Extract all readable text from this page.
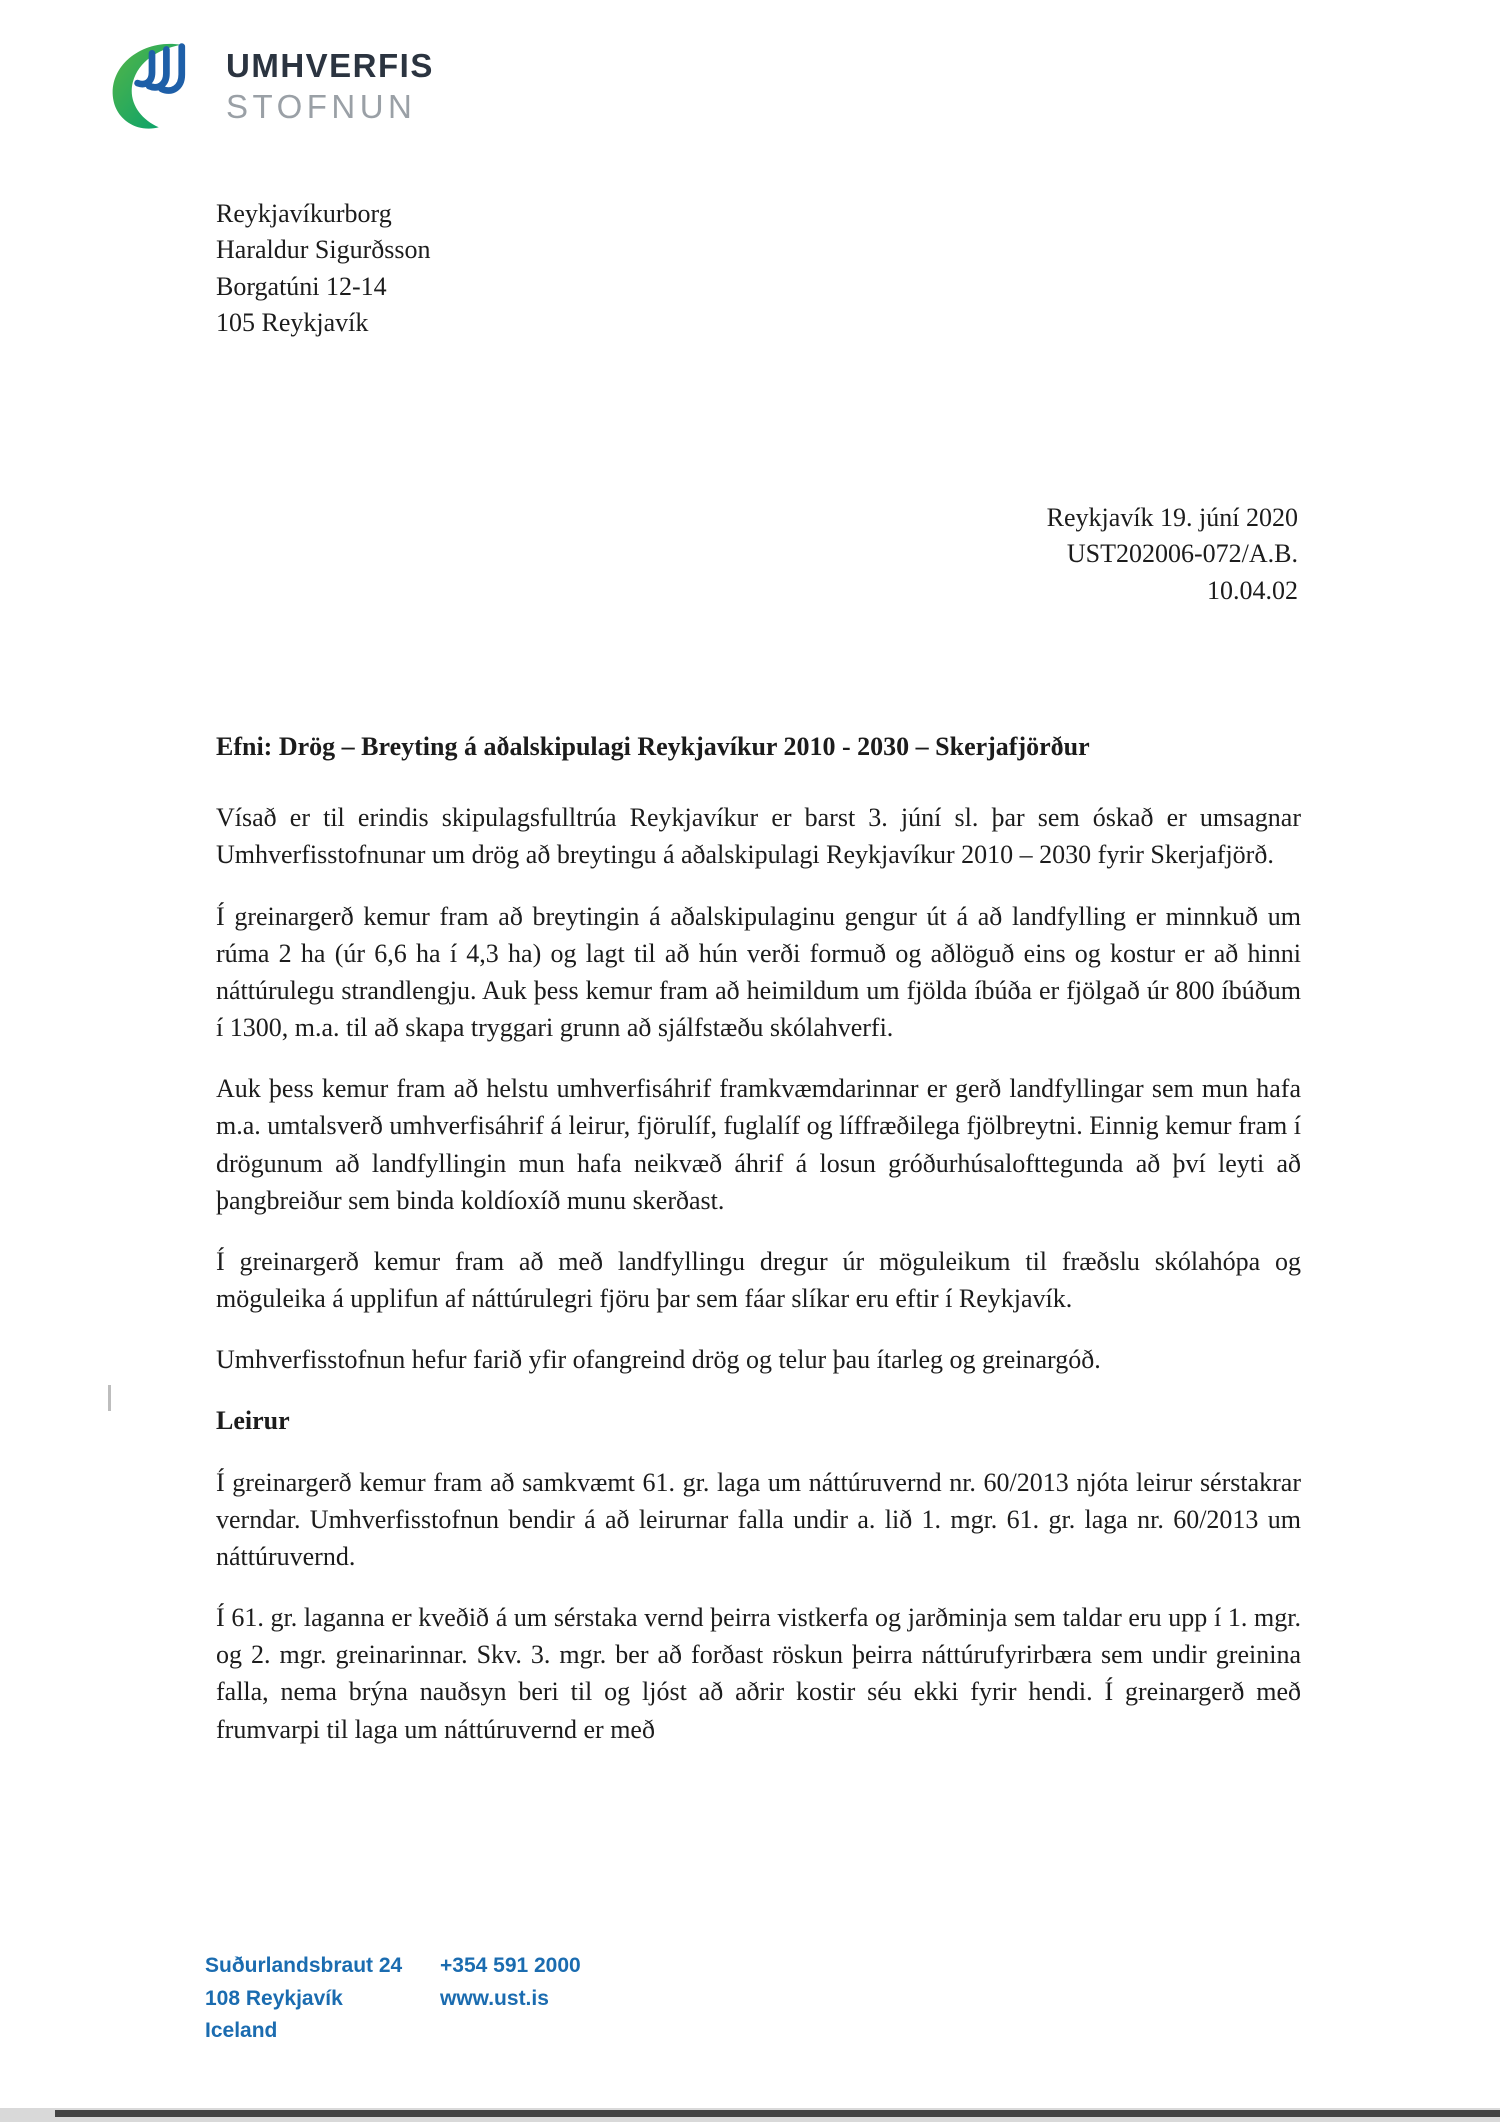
UMHVERFIS
STOFNUN
Reykjavíkurborg
Haraldur Sigurðsson
Borgatúni 12-14
105 Reykjavík
Reykjavík 19. júní 2020
UST202006-072/A.B.
10.04.02

Efni: Drög – Breyting á aðalskipulagi Reykjavíkur 2010 - 2030 – Skerjafjörður

Vísað er til erindis skipulagsfulltrúa Reykjavíkur er barst 3. júní sl. þar sem óskað er umsagnar Umhverfisstofnunar um drög að breytingu á aðalskipulagi Reykjavíkur 2010 – 2030 fyrir Skerjafjörð.

Í greinargerð kemur fram að breytingin á aðalskipulaginu gengur út á að landfylling er minnkuð um rúma 2 ha (úr 6,6 ha í 4,3 ha) og lagt til að hún verði formuð og aðlöguð eins og kostur er að hinni náttúrulegu strandlengju. Auk þess kemur fram að heimildum um fjölda íbúða er fjölgað úr 800 íbúðum í 1300, m.a. til að skapa tryggari grunn að sjálfstæðu skólahverfi.

Auk þess kemur fram að helstu umhverfisáhrif framkvæmdarinnar er gerð landfyllingar sem mun hafa m.a. umtalsverð umhverfisáhrif á leirur, fjörulíf, fuglalíf og líffræðilega fjölbreytni. Einnig kemur fram í drögunum að landfyllingin mun hafa neikvæð áhrif á losun gróðurhúsalofttegunda að því leyti að þangbreiður sem binda koldíoxíð munu skerðast.

Í greinargerð kemur fram að með landfyllingu dregur úr möguleikum til fræðslu skólahópa og möguleika á upplifun af náttúrulegri fjöru þar sem fáar slíkar eru eftir í Reykjavík.

Umhverfisstofnun hefur farið yfir ofangreind drög og telur þau ítarleg og greinargóð.

Leirur

Í greinargerð kemur fram að samkvæmt 61. gr. laga um náttúruvernd nr. 60/2013 njóta leirur sérstakrar verndar. Umhverfisstofnun bendir á að leirurnar falla undir a. lið 1. mgr. 61. gr. laga nr. 60/2013 um náttúruvernd.

Í 61. gr. laganna er kveðið á um sérstaka vernd þeirra vistkerfa og jarðminja sem taldar eru upp í 1. mgr. og 2. mgr. greinarinnar. Skv. 3. mgr. ber að forðast röskun þeirra náttúrufyrirbæra sem undir greinina falla, nema brýna nauðsyn beri til og ljóst að aðrir kostir séu ekki fyrir hendi. Í greinargerð með frumvarpi til laga um náttúruvernd er með

Suðurlandsbraut 24
108 Reykjavík
Iceland
+354 591 2000
www.ust.is
